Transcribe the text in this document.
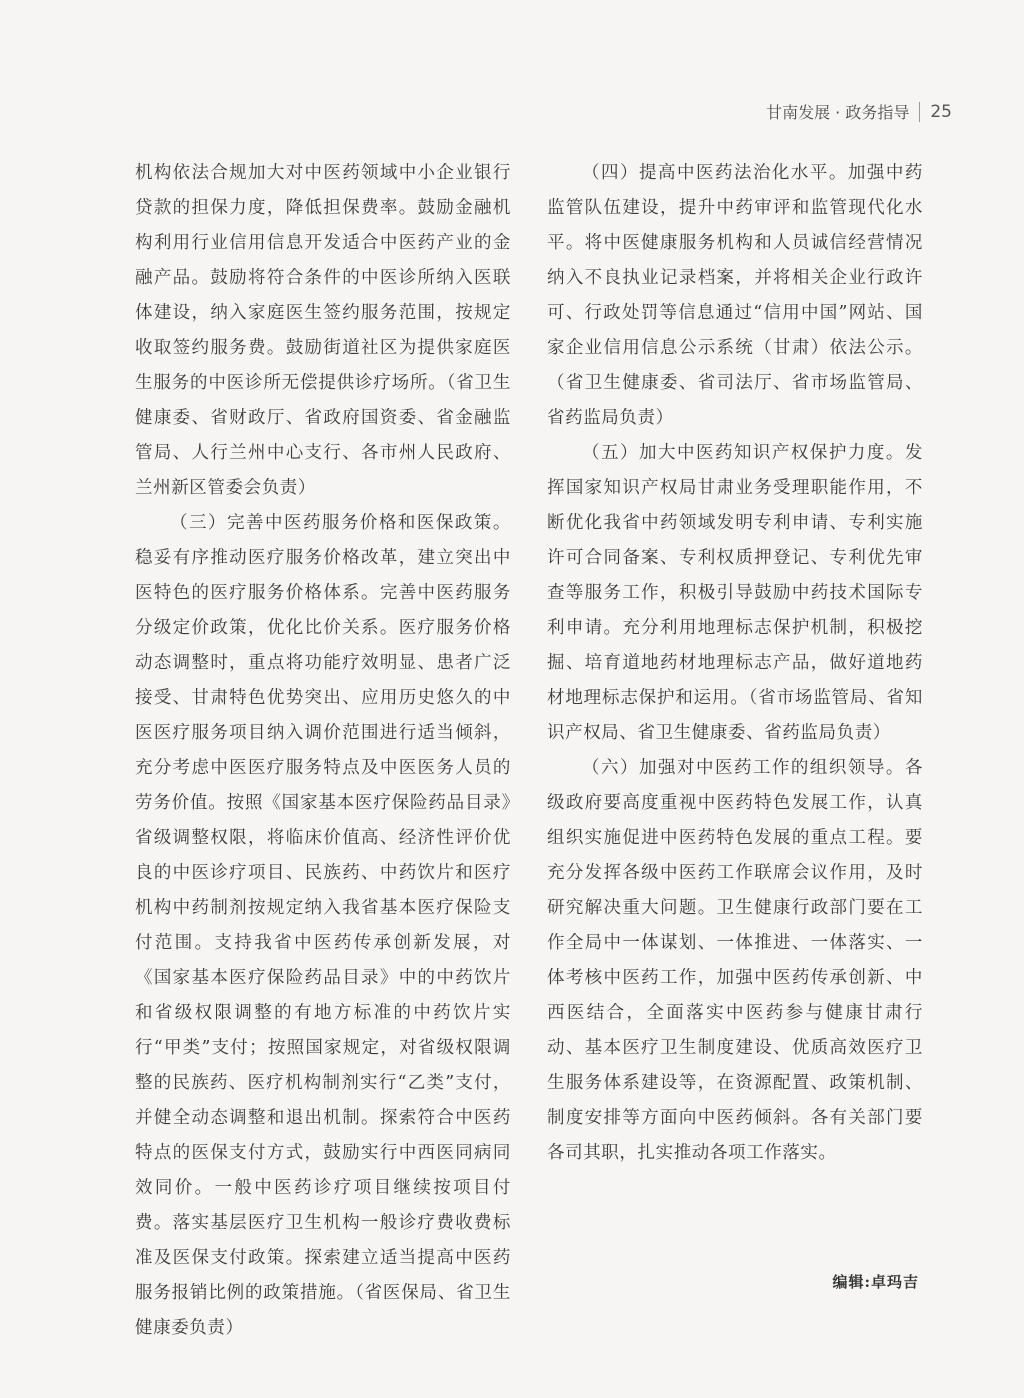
甘南发展 · 政务指导 25

机构依法合规加大对中医药领域中小企业银行贷款的担保力度，降低担保费率。鼓励金融机构利用行业信用信息开发适合中医药产业的金融产品。鼓励将符合条件的中医诊所纳入医联体建设，纳入家庭医生签约服务范围，按规定收取签约服务费。鼓励街道社区为提供家庭医生服务的中医诊所无偿提供诊疗场所。（省卫生健康委、省财政厅、省政府国资委、省金融监管局、人行兰州中心支行、各市州人民政府、兰州新区管委会负责）

（三）完善中医药服务价格和医保政策。稳妥有序推动医疗服务价格改革，建立突出中医特色的医疗服务价格体系。完善中医药服务分级定价政策，优化比价关系。医疗服务价格动态调整时，重点将功能疗效明显、患者广泛接受、甘肃特色优势突出、应用历史悠久的中医医疗服务项目纳入调价范围进行适当倾斜，充分考虑中医医疗服务特点及中医医务人员的劳务价值。按照《国家基本医疗保险药品目录》省级调整权限，将临床价值高、经济性评价优良的中医诊疗项目、民族药、中药饮片和医疗机构中药制剂按规定纳入我省基本医疗保险支付范围。支持我省中医药传承创新发展，对《国家基本医疗保险药品目录》中的中药饮片和省级权限调整的有地方标准的中药饮片实行“甲类”支付；按照国家规定，对省级权限调整的民族药、医疗机构制剂实行“乙类”支付，并健全动态调整和退出机制。探索符合中医药特点的医保支付方式，鼓励实行中西医同病同效同价。一般中医药诊疗项目继续按项目付费。落实基层医疗卫生机构一般诊疗费收费标准及医保支付政策。探索建立适当提高中医药服务报销比例的政策措施。（省医保局、省卫生健康委负责）

（四）提高中医药法治化水平。加强中药监管队伍建设，提升中药审评和监管现代化水平。将中医健康服务机构和人员诚信经营情况纳入不良执业记录档案，并将相关企业行政许可、行政处罚等信息通过“信用中国”网站、国家企业信用信息公示系统（甘肃）依法公示。（省卫生健康委、省司法厅、省市场监管局、省药监局负责）

（五）加大中医药知识产权保护力度。发挥国家知识产权局甘肃业务受理职能作用，不断优化我省中药领域发明专利申请、专利实施许可合同备案、专利权质押登记、专利优先审查等服务工作，积极引导鼓励中药技术国际专利申请。充分利用地理标志保护机制，积极挖掘、培育道地药材地理标志产品，做好道地药材地理标志保护和运用。（省市场监管局、省知识产权局、省卫生健康委、省药监局负责）

（六）加强对中医药工作的组织领导。各级政府要高度重视中医药特色发展工作，认真组织实施促进中医药特色发展的重点工程。要充分发挥各级中医药工作联席会议作用，及时研究解决重大问题。卫生健康行政部门要在工作全局中一体谋划、一体推进、一体落实、一体考核中医药工作，加强中医药传承创新、中西医结合，全面落实中医药参与健康甘肃行动、基本医疗卫生制度建设、优质高效医疗卫生服务体系建设等，在资源配置、政策机制、制度安排等方面向中医药倾斜。各有关部门要各司其职，扎实推动各项工作落实。

编辑:卓玛吉
